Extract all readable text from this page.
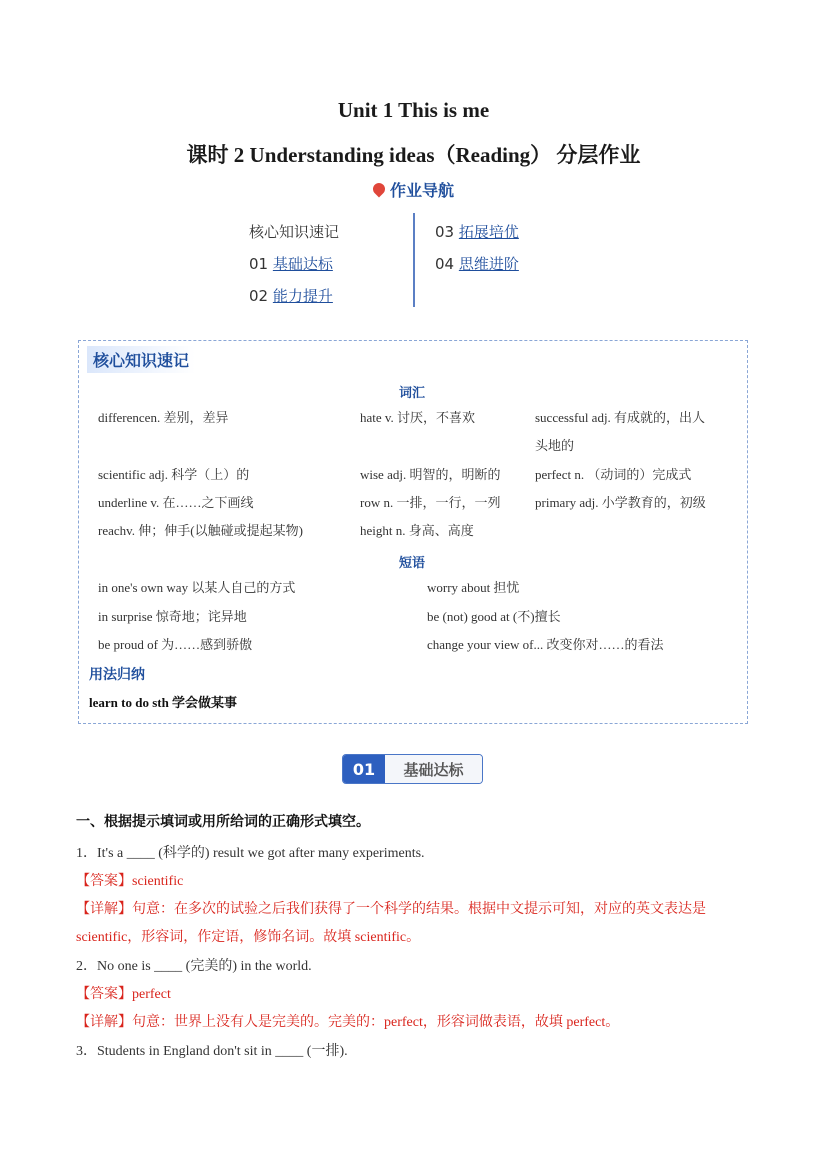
Unit 1 This is me
课时 2 Understanding ideas（Reading） 分层作业
作业导航
核心知识速记
01 基础达标
02 能力提升
03 拓展培优
04 思维进阶
核心知识速记
词汇
differencen. 差别，差异	hate v. 讨厌，不喜欢	successful adj. 有成就的，出人
头地的
scientific adj. 科学（上）的	wise adj. 明智的，明断的	perfect n. （动词的）完成式
underline v. 在……之下画线	row n. 一排，一行，一列	primary adj. 小学教育的，初级
reachv. 伸；伸手(以触碰或提起某物)	height n. 身高、高度
短语
in one's own way 以某人自己的方式	worry about 担忧
in surprise 惊奇地；诧异地	be (not) good at (不)擅长
be proud of 为……感到骄傲	change your view of... 改变你对……的看法
用法归纳
learn to do sth 学会做某事
01	基础达标
一、根据提示填词或用所给词的正确形式填空。
1．It's a ____ (科学的) result we got after many experiments.
【答案】scientific
【详解】句意：在多次的试验之后我们获得了一个科学的结果。根据中文提示可知，对应的英文表达是
scientific，形容词，作定语，修饰名词。故填 scientific。
2．No one is ____ (完美的) in the world.
【答案】perfect
【详解】句意：世界上没有人是完美的。完美的：perfect，形容词做表语，故填 perfect。
3．Students in England don't sit in ____ (一排).
